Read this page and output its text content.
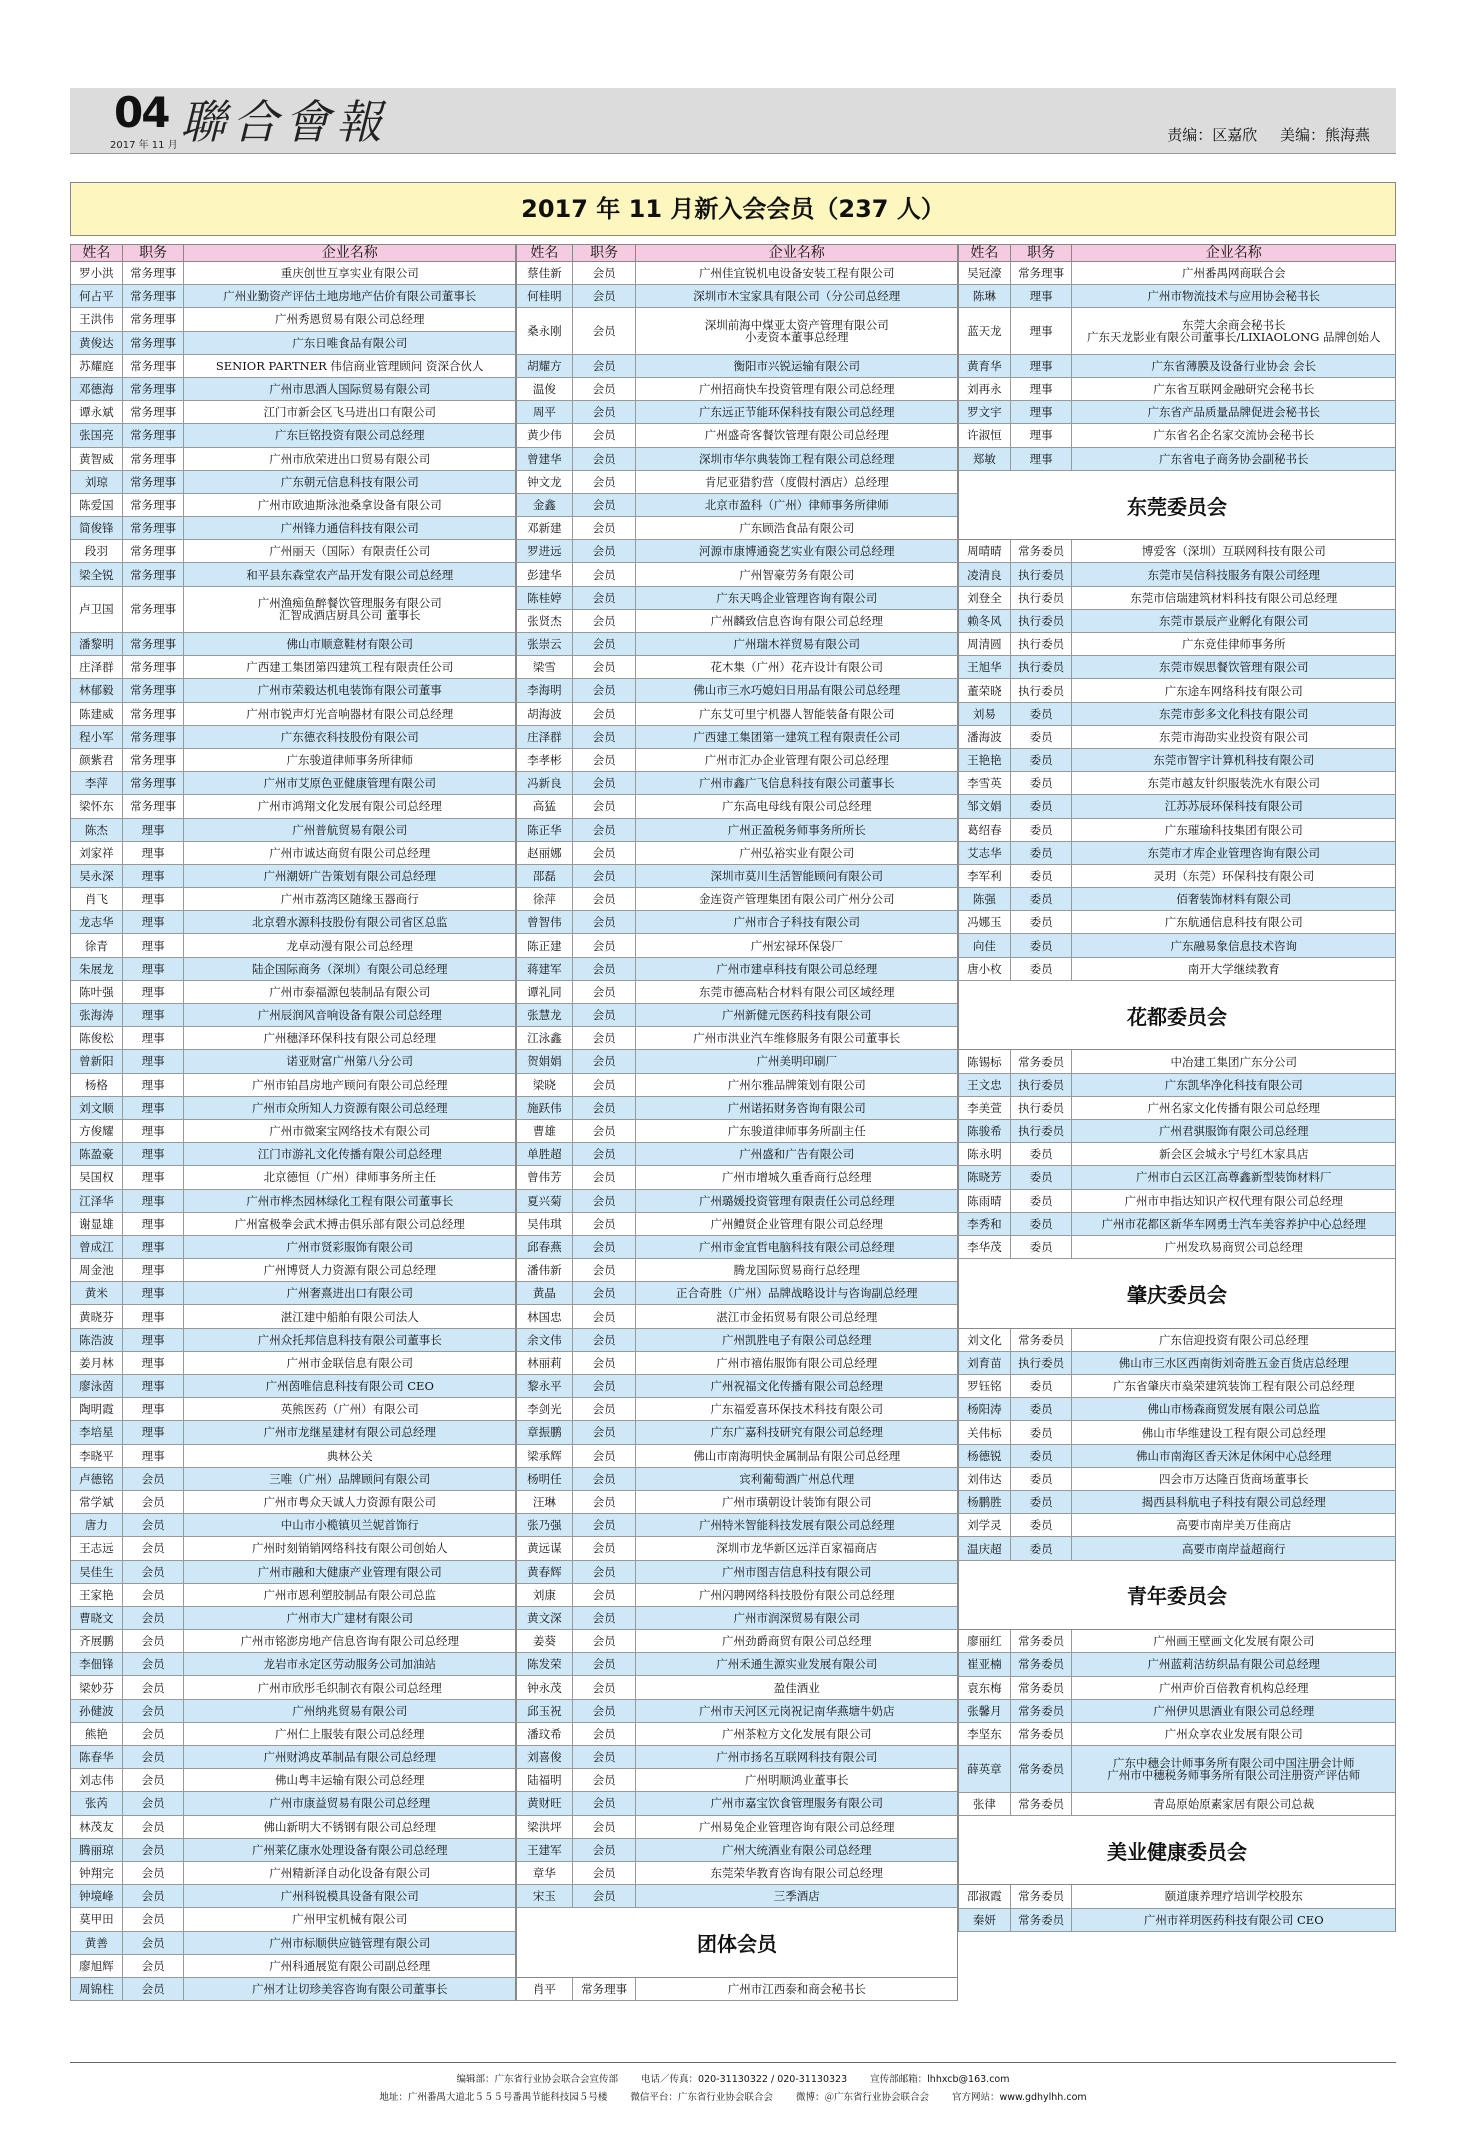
04
2017 年 11 月 聯合會報	责编：区嘉欣 美编：熊海燕
2017 年 11 月新入会会员（237 人）
姓名	职务	企业名称
罗小洪	常务理事	重庆创世互享实业有限公司
何占平	常务理事	广州业勤资产评估土地房地产估价有限公司董事长
王洪伟	常务理事	广州秀恩贸易有限公司总经理
黄俊达	常务理事	广东日唯食品有限公司
苏耀庭	常务理事	SENIOR PARTNER 伟信商业管理顾问 资深合伙人
邓德海	常务理事	广州市思酒人国际贸易有限公司
谭永斌	常务理事	江门市新会区飞马进出口有限公司
张国亮	常务理事	广东巨铭投资有限公司总经理
黄智威	常务理事	广州市欣荣进出口贸易有限公司
刘琼	常务理事	广东朝元信息科技有限公司
陈爱国	常务理事	广州市欧迪斯泳池桑拿设备有限公司
简俊锋	常务理事	广州锋力通信科技有限公司
段羽	常务理事	广州丽天（国际）有限责任公司
梁全锐	常务理事	和平县东森堂农产品开发有限公司总经理
卢卫国	常务理事	广州渔痴鱼醉餐饮管理服务有限公司
汇智成酒店厨具公司 董事长
潘黎明	常务理事	佛山市顺意鞋材有限公司
庄泽群	常务理事	广西建工集团第四建筑工程有限责任公司
林郁毅	常务理事	广州市荣毅达机电装饰有限公司董事
陈建威	常务理事	广州市锐声灯光音响器材有限公司总经理
程小军	常务理事	广东德衣科技股份有限公司
颜紫君	常务理事	广东骏道律师事务所律师
李萍	常务理事	广州市艾原色亚健康管理有限公司
梁怀东	常务理事	广州市鸿翔文化发展有限公司总经理
陈杰	理事	广州普航贸易有限公司
刘家祥	理事	广州市诚达商贸有限公司总经理
吴永深	理事	广州潮妍广告策划有限公司总经理
肖飞	理事	广州市荔湾区随缘玉器商行
龙志华	理事	北京碧水源科技股份有限公司省区总监
徐青	理事	龙卓动漫有限公司总经理
朱展龙	理事	陆企国际商务（深圳）有限公司总经理
陈叶强	理事	广州市泰福源包装制品有限公司
张海涛	理事	广州辰润风音响设备有限公司总经理
陈俊松	理事	广州穗泽环保科技有限公司总经理
曾新阳	理事	诺亚财富广州第八分公司
杨格	理事	广州市铂昌房地产顾问有限公司总经理
刘文顺	理事	广州市众所知人力资源有限公司总经理
方俊耀	理事	广州市微案宝网络技术有限公司
陈盈豪	理事	江门市游礼文化传播有限公司总经理
吴国权	理事	北京德恒（广州）律师事务所主任
江泽华	理事	广州市桦杰园林绿化工程有限公司董事长
谢显雄	理事	广州富极拳会武术搏击俱乐部有限公司总经理
曾成江	理事	广州市贤彩服饰有限公司
周金池	理事	广州博贤人力资源有限公司总经理
黄米	理事	广州奢熹进出口有限公司
黄晓芬	理事	湛江建中船舶有限公司法人
陈浩波	理事	广州众托邦信息科技有限公司董事长
姜月林	理事	广州市金联信息有限公司
廖泳茵	理事	广州茵唯信息科技有限公司 CEO
陶明霞	理事	英熊医药（广州）有限公司
李培星	理事	广州市龙继星建材有限公司总经理
李晓平	理事	典林公关
卢德铭	会员	三唯（广州）品牌顾问有限公司
常学斌	会员	广州市粤众天诚人力资源有限公司
唐力	会员	中山市小榄镇贝兰妮首饰行
王志远	会员	广州时刻销销网络科技有限公司创始人
吴佳生	会员	广州市融和大健康产业管理有限公司
王家艳	会员	广州市恩利塑胶制品有限公司总监
曹晓文	会员	广州市大广建材有限公司
齐展鹏	会员	广州市铭澎房地产信息咨询有限公司总经理
李佃锋	会员	龙岩市永定区劳动服务公司加油站
梁妙芬	会员	广州市欣彤毛织制衣有限公司总经理
孙健波	会员	广州纳兆贸易有限公司
熊艳	会员	广州仁上服装有限公司总经理
陈春华	会员	广州财鸿皮革制品有限公司总经理
刘志伟	会员	佛山粤丰运输有限公司总经理
张芮	会员	广州市康益贸易有限公司总经理
林茂友	会员	佛山新明大不锈钢有限公司总经理
腾丽琼	会员	广州莱亿康水处理设备有限公司总经理
钟翔完	会员	广州精新泽自动化设备有限公司
钟境峰	会员	广州科锐模具设备有限公司
莫甲田	会员	广州甲宝机械有限公司
黄善	会员	广州市标顺供应链管理有限公司
廖旭辉	会员	广州科通展览有限公司副总经理
周锦柱	会员	广州才让切珍美容咨询有限公司董事长
姓名	职务	企业名称
蔡佳新	会员	广州佳宜锐机电设备安装工程有限公司
何桂明	会员	深圳市木宝家具有限公司（分公司总经理
桑永刚	会员	深圳前海中煤亚太资产管理有限公司
小麦资本董事总经理
胡耀方	会员	衡阳市兴锐运输有限公司
温俊	会员	广州招商快车投资管理有限公司总经理
周平	会员	广东远正节能环保科技有限公司总经理
黄少伟	会员	广州盛奇客餐饮管理有限公司总经理
曾建华	会员	深圳市华尔典装饰工程有限公司总经理
钟文龙	会员	肯尼亚猎豹营（度假村酒店）总经理
金鑫	会员	北京市盈科（广州）律师事务所律师
邓新建	会员	广东顾浩食品有限公司
罗进远	会员	河源市康博通瓷艺实业有限公司总经理
彭建华	会员	广州智豪劳务有限公司
陈桂婷	会员	广东天鸣企业管理咨询有限公司
张贤杰	会员	广州麟致信息咨询有限公司总经理
张崇云	会员	广州瑞木祥贸易有限公司
梁雪	会员	花木集（广州）花卉设计有限公司
李海明	会员	佛山市三水巧媳妇日用品有限公司总经理
胡海波	会员	广东艾可里宁机器人智能装备有限公司
庄泽群	会员	广西建工集团第一建筑工程有限责任公司
李孝彬	会员	广州市汇办企业管理有限公司总经理
冯新良	会员	广州市鑫广飞信息科技有限公司董事长
高猛	会员	广东高电母线有限公司总经理
陈正华	会员	广州正盈税务师事务所所长
赵丽娜	会员	广州弘裕实业有限公司
邵磊	会员	深圳市莫川生活智能顾问有限公司
徐萍	会员	金连资产管理集团有限公司广州分公司
曾智伟	会员	广州市合子科技有限公司
陈正建	会员	广州宏禄环保袋厂
蒋建军	会员	广州市建卓科技有限公司总经理
谭礼同	会员	东莞市德高粘合材料有限公司区域经理
张慧龙	会员	广州新健元医药科技有限公司
江泳鑫	会员	广州市洪业汽车维修服务有限公司董事长
贺娟娟	会员	广州美明印刷厂
梁晓	会员	广州尔雅品牌策划有限公司
施跃伟	会员	广州诺拓财务咨询有限公司
曹雄	会员	广东骏道律师事务所副主任
单胜超	会员	广州盛和广告有限公司
曾伟芳	会员	广州市增城久重香商行总经理
夏兴菊	会员	广州璐媛投资管理有限责任公司总经理
吴伟琪	会员	广州鳢贤企业管理有限公司总经理
邱春燕	会员	广州市金宜哲电脑科技有限公司总经理
潘伟新	会员	腾龙国际贸易商行总经理
黄晶	会员	正合奇胜（广州）品牌战略设计与咨询副总经理
林国忠	会员	湛江市金拓贸易有限公司总经理
余文伟	会员	广州凯胜电子有限公司总经理
林丽莉	会员	广州市禧佑服饰有限公司总经理
黎永平	会员	广州祝福文化传播有限公司总经理
李剑光	会员	广东福爱喜环保技术科技有限公司
章振鹏	会员	广东广嘉科技研究有限公司总经理
梁承辉	会员	佛山市南海明快金属制品有限公司总经理
杨明任	会员	宾利葡萄酒广州总代理
汪琳	会员	广州市璜朝设计装饰有限公司
张乃强	会员	广州特米智能科技发展有限公司总经理
黄远谋	会员	深圳市龙华新区远洋百家福商店
黄春辉	会员	广州市图吉信息科技有限公司
刘康	会员	广州闪聘网络科技股份有限公司总经理
黄文深	会员	广州市润深贸易有限公司
姜葵	会员	广州劲爵商贸有限公司总经理
陈发荣	会员	广州禾通生源实业发展有限公司
钟永茂	会员	盈佳酒业
邱玉祝	会员	广州市天河区元岗祝记南华燕塘牛奶店
潘玟希	会员	广州茶粒方文化发展有限公司
刘喜俊	会员	广州市扬名互联网科技有限公司
陆福明	会员	广州明顺鸿业董事长
黄财旺	会员	广州市嘉宝饮食管理服务有限公司
梁洪坪	会员	广州易兔企业管理咨询有限公司总经理
王建军	会员	广州大统酒业有限公司总经理
章华	会员	东莞荣华教育咨询有限公司总经理
宋玉	会员	三季酒店
团体会员
肖平	常务理事	广州市江西泰和商会秘书长
姓名	职务	企业名称
吴冠濠	常务理事	广州番禺网商联合会
陈琳	理事	广州市物流技术与应用协会秘书长
蓝天龙	理事	东莞大余商会秘书长
广东天龙影业有限公司董事长/LIXIAOLONG 品牌创始人
黄育华	理事	广东省薄膜及设备行业协会 会长
刘再永	理事	广东省互联网金融研究会秘书长
罗文宇	理事	广东省产品质量品牌促进会秘书长
许淑恒	理事	广东省名企名家交流协会秘书长
郑敏	理事	广东省电子商务协会副秘书长
东莞委员会
周晴晴	常务委员	博爱客（深圳）互联网科技有限公司
凌清良	执行委员	东莞市吴信科技服务有限公司经理
刘登全	执行委员	东莞市信瑞建筑材料科技有限公司总经理
赖冬风	执行委员	东莞市景辰产业孵化有限公司
周清圆	执行委员	广东竞佳律师事务所
王旭华	执行委员	东莞市娱思餐饮管理有限公司
董荣晓	执行委员	广东途车网络科技有限公司
刘易	委员	东莞市彭多文化科技有限公司
潘海波	委员	东莞市海劭实业投资有限公司
王艳艳	委员	东莞市智宇计算机科技有限公司
李雪英	委员	东莞市越友针织服装洗水有限公司
邹文娟	委员	江苏苏辰环保科技有限公司
葛绍春	委员	广东璀瑜科技集团有限公司
艾志华	委员	东莞市才库企业管理咨询有限公司
李军利	委员	灵玥（东莞）环保科技有限公司
陈强	委员	佰奢装饰材料有限公司
冯娜玉	委员	广东航通信息科技有限公司
向佳	委员	广东融易象信息技术咨询
唐小枚	委员	南开大学继续教育
花都委员会
陈锡标	常务委员	中冶建工集团广东分公司
王文忠	执行委员	广东凯华净化科技有限公司
李美萱	执行委员	广州名家文化传播有限公司总经理
陈骏希	执行委员	广州君骐服饰有限公司总经理
陈永明	委员	新会区会城永宁号红木家具店
陈晓芳	委员	广州市白云区江高尊鑫新型装饰材料厂
陈雨晴	委员	广州市申指达知识产权代理有限公司总经理
李秀和	委员	广州市花都区新华车网勇士汽车美容养护中心总经理
李华茂	委员	广州发玖易商贸公司总经理
肇庆委员会
刘文化	常务委员	广东信迎投资有限公司总经理
刘育苗	执行委员	佛山市三水区西南街刘奇胜五金百货店总经理
罗钰铭	委员	广东省肇庆市燊荣建筑装饰工程有限公司总经理
杨阳涛	委员	佛山市杨森商贸发展有限公司总监
关伟标	委员	佛山市华维建设工程有限公司总经理
杨德锐	委员	佛山市南海区香天沐足休闲中心总经理
刘伟达	委员	四会市万达隆百货商场董事长
杨鹏胜	委员	揭西县科航电子科技有限公司总经理
刘学灵	委员	高要市南岸美万佳商店
温庆超	委员	高要市南岸益超商行
青年委员会
廖丽红	常务委员	广州画王壁画文化发展有限公司
崔亚楠	常务委员	广州蓝莉洁纺织品有限公司总经理
袁东梅	常务委员	广州声价百倍教育机构总经理
张馨月	常务委员	广州伊贝思酒业有限公司总经理
李坚东	常务委员	广州众享农业发展有限公司
薛英章	常务委员	广东中穗会计师事务所有限公司中国注册会计师
广州市中穗税务师事务所有限公司注册资产评估师
张律	常务委员	青岛原始原素家居有限公司总裁
美业健康委员会
邵淑霞	常务委员	颐道康养理疗培训学校股东
秦妍	常务委员	广州市祥玥医药科技有限公司 CEO
编辑部：广东省行业协会联合会宣传部 电话／传真：020-31130322 / 020-31130323 宣传部邮箱：lhhxcb@163.com
地址：广州番禺大道北５５５号番禺节能科技园５号楼 微信平台：广东省行业协会联合会 微博：＠广东省行业协会联合会 官方网站：www.gdhylhh.com
